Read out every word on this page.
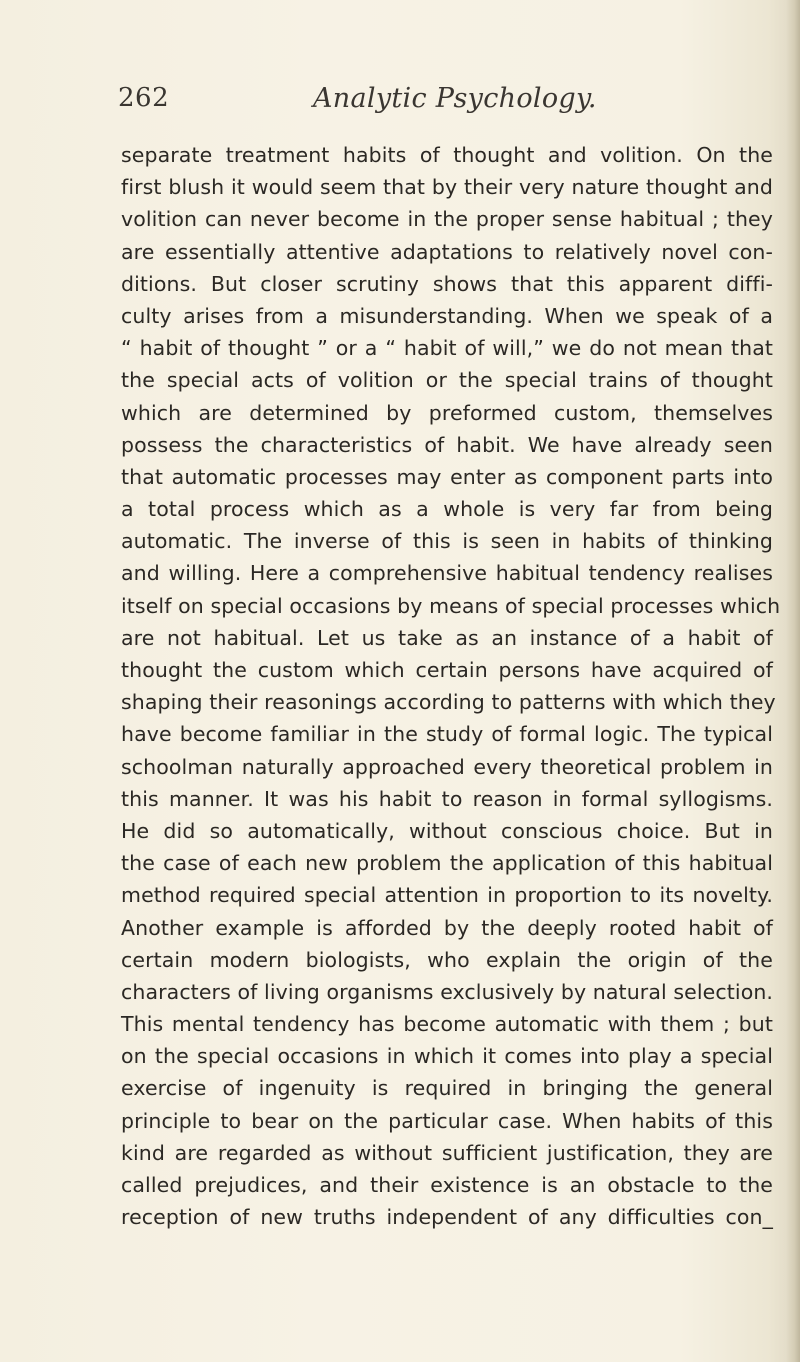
262	Analytic Psychology.
separate treatment habits of thought and volition. On the
first blush it would seem that by their very nature thought and
volition can never become in the proper sense habitual ; they
are essentially attentive adaptations to relatively novel con-
ditions. But closer scrutiny shows that this apparent diffi-
culty arises from a misunderstanding. When we speak of a
“ habit of thought ” or a “ habit of will,” we do not mean that
the special acts of volition or the special trains of thought
which are determined by preformed custom, themselves
possess the characteristics of habit. We have already seen
that automatic processes may enter as component parts into
a total process which as a whole is very far from being
automatic. The inverse of this is seen in habits of thinking
and willing. Here a comprehensive habitual tendency realises
itself on special occasions by means of special processes which
are not habitual. Let us take as an instance of a habit of
thought the custom which certain persons have acquired of
shaping their reasonings according to patterns with which they
have become familiar in the study of formal logic. The typical
schoolman naturally approached every theoretical problem in
this manner. It was his habit to reason in formal syllogisms.
He did so automatically, without conscious choice. But in
the case of each new problem the application of this habitual
method required special attention in proportion to its novelty.
Another example is afforded by the deeply rooted habit of
certain modern biologists, who explain the origin of the
characters of living organisms exclusively by natural selection.
This mental tendency has become automatic with them ; but
on the special occasions in which it comes into play a special
exercise of ingenuity is required in bringing the general
principle to bear on the particular case. When habits of this
kind are regarded as without sufficient justification, they are
called prejudices, and their existence is an obstacle to the
reception of new truths independent of any difficulties con_
